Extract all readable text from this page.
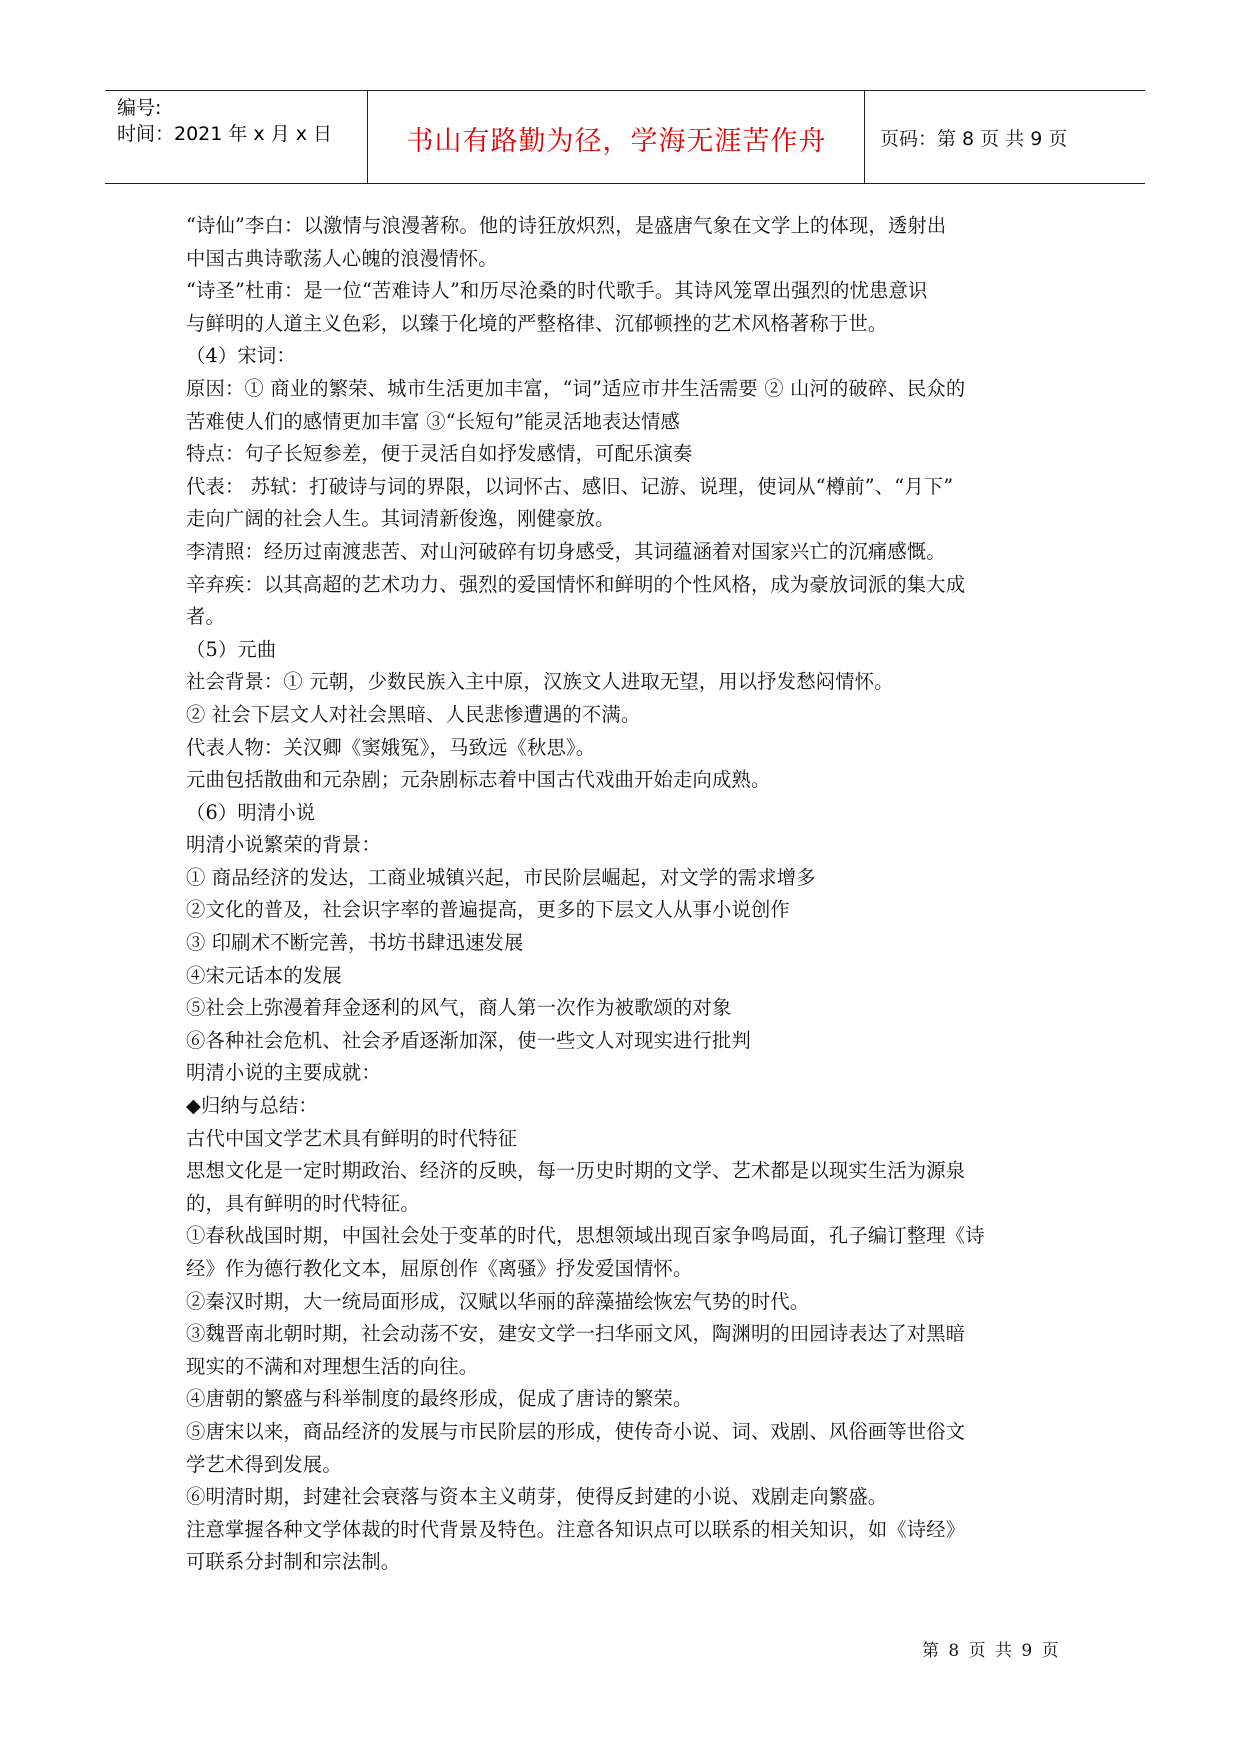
编号:
时间：2021 年 x 月 x 日	书山有路勤为径，学海无涯苦作舟	页码：第 8 页 共 9 页

“诗仙”李白：以激情与浪漫著称。他的诗狂放炽烈，是盛唐气象在文学上的体现，透射出

中国古典诗歌荡人心魄的浪漫情怀。

“诗圣”杜甫：是一位“苦难诗人”和历尽沧桑的时代歌手。其诗风笼罩出强烈的忧患意识

与鲜明的人道主义色彩，以臻于化境的严整格律、沉郁顿挫的艺术风格著称于世。

（4）宋词：

原因：① 商业的繁荣、城市生活更加丰富，“词”适应市井生活需要 ② 山河的破碎、民众的

苦难使人们的感情更加丰富 ③“长短句”能灵活地表达情感

特点：句子长短参差，便于灵活自如抒发感情，可配乐演奏

代表： 苏轼：打破诗与词的界限，以词怀古、感旧、记游、说理，使词从“樽前”、“月下”

走向广阔的社会人生。其词清新俊逸，刚健豪放。

李清照：经历过南渡悲苦、对山河破碎有切身感受，其词蕴涵着对国家兴亡的沉痛感慨。

辛弃疾：以其高超的艺术功力、强烈的爱国情怀和鲜明的个性风格，成为豪放词派的集大成

者。

（5）元曲

社会背景：① 元朝，少数民族入主中原，汉族文人进取无望，用以抒发愁闷情怀。

② 社会下层文人对社会黑暗、人民悲惨遭遇的不满。

代表人物：关汉卿《窦娥冤》，马致远《秋思》。

元曲包括散曲和元杂剧；元杂剧标志着中国古代戏曲开始走向成熟。

（6）明清小说

明清小说繁荣的背景：

① 商品经济的发达，工商业城镇兴起，市民阶层崛起，对文学的需求增多

②文化的普及，社会识字率的普遍提高，更多的下层文人从事小说创作

③ 印刷术不断完善，书坊书肆迅速发展

④宋元话本的发展

⑤社会上弥漫着拜金逐利的风气，商人第一次作为被歌颂的对象

⑥各种社会危机、社会矛盾逐渐加深，使一些文人对现实进行批判

明清小说的主要成就：

◆归纳与总结：

古代中国文学艺术具有鲜明的时代特征

思想文化是一定时期政治、经济的反映，每一历史时期的文学、艺术都是以现实生活为源泉

的，具有鲜明的时代特征。

①春秋战国时期，中国社会处于变革的时代，思想领域出现百家争鸣局面，孔子编订整理《诗

经》作为德行教化文本，屈原创作《离骚》抒发爱国情怀。

②秦汉时期，大一统局面形成，汉赋以华丽的辞藻描绘恢宏气势的时代。

③魏晋南北朝时期，社会动荡不安，建安文学一扫华丽文风，陶渊明的田园诗表达了对黑暗

现实的不满和对理想生活的向往。

④唐朝的繁盛与科举制度的最终形成，促成了唐诗的繁荣。

⑤唐宋以来，商品经济的发展与市民阶层的形成，使传奇小说、词、戏剧、风俗画等世俗文

学艺术得到发展。

⑥明清时期，封建社会衰落与资本主义萌芽，使得反封建的小说、戏剧走向繁盛。

注意掌握各种文学体裁的时代背景及特色。注意各知识点可以联系的相关知识，如《诗经》

可联系分封制和宗法制。

第 8 页 共 9 页
